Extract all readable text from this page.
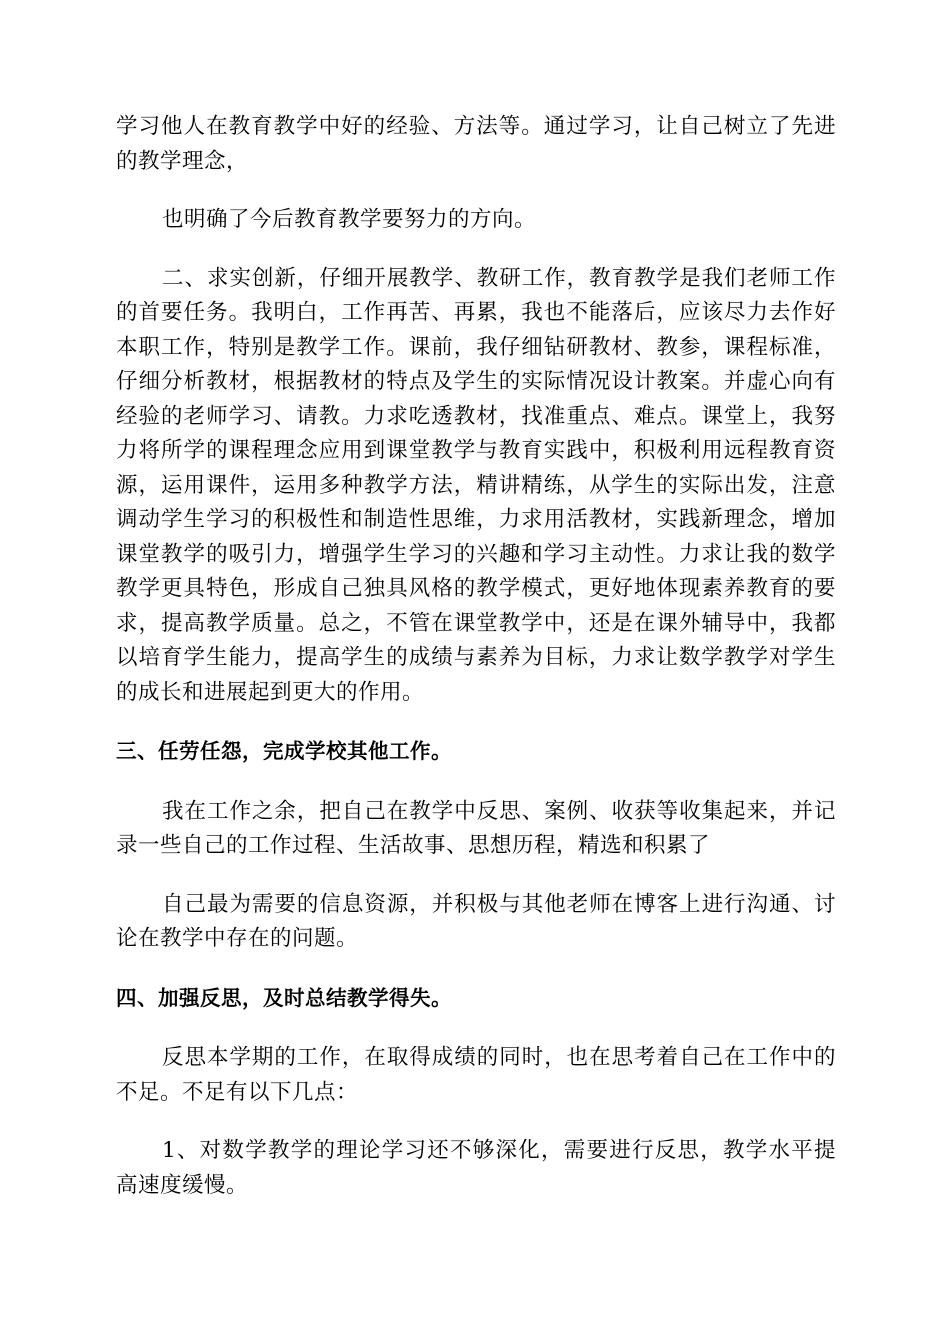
学习他人在教育教学中好的经验、方法等。通过学习，让自己树立了先进的教学理念，

也明确了今后教育教学要努力的方向。

二、求实创新，仔细开展教学、教研工作，教育教学是我们老师工作的首要任务。我明白，工作再苦、再累，我也不能落后，应该尽力去作好本职工作，特别是教学工作。课前，我仔细钻研教材、教参，课程标准，仔细分析教材，根据教材的特点及学生的实际情况设计教案。并虚心向有经验的老师学习、请教。力求吃透教材，找准重点、难点。课堂上，我努力将所学的课程理念应用到课堂教学与教育实践中，积极利用远程教育资源，运用课件，运用多种教学方法，精讲精练，从学生的实际出发，注意调动学生学习的积极性和制造性思维，力求用活教材，实践新理念，增加课堂教学的吸引力，增强学生学习的兴趣和学习主动性。力求让我的数学教学更具特色，形成自己独具风格的教学模式，更好地体现素养教育的要求，提高教学质量。总之，不管在课堂教学中，还是在课外辅导中，我都以培育学生能力，提高学生的成绩与素养为目标，力求让数学教学对学生的成长和进展起到更大的作用。

三、任劳任怨，完成学校其他工作。

我在工作之余，把自己在教学中反思、案例、收获等收集起来，并记录一些自己的工作过程、生活故事、思想历程，精选和积累了

自己最为需要的信息资源，并积极与其他老师在博客上进行沟通、讨论在教学中存在的问题。

四、加强反思，及时总结教学得失。

反思本学期的工作，在取得成绩的同时，也在思考着自己在工作中的不足。不足有以下几点：

1、对数学教学的理论学习还不够深化，需要进行反思，教学水平提高速度缓慢。
